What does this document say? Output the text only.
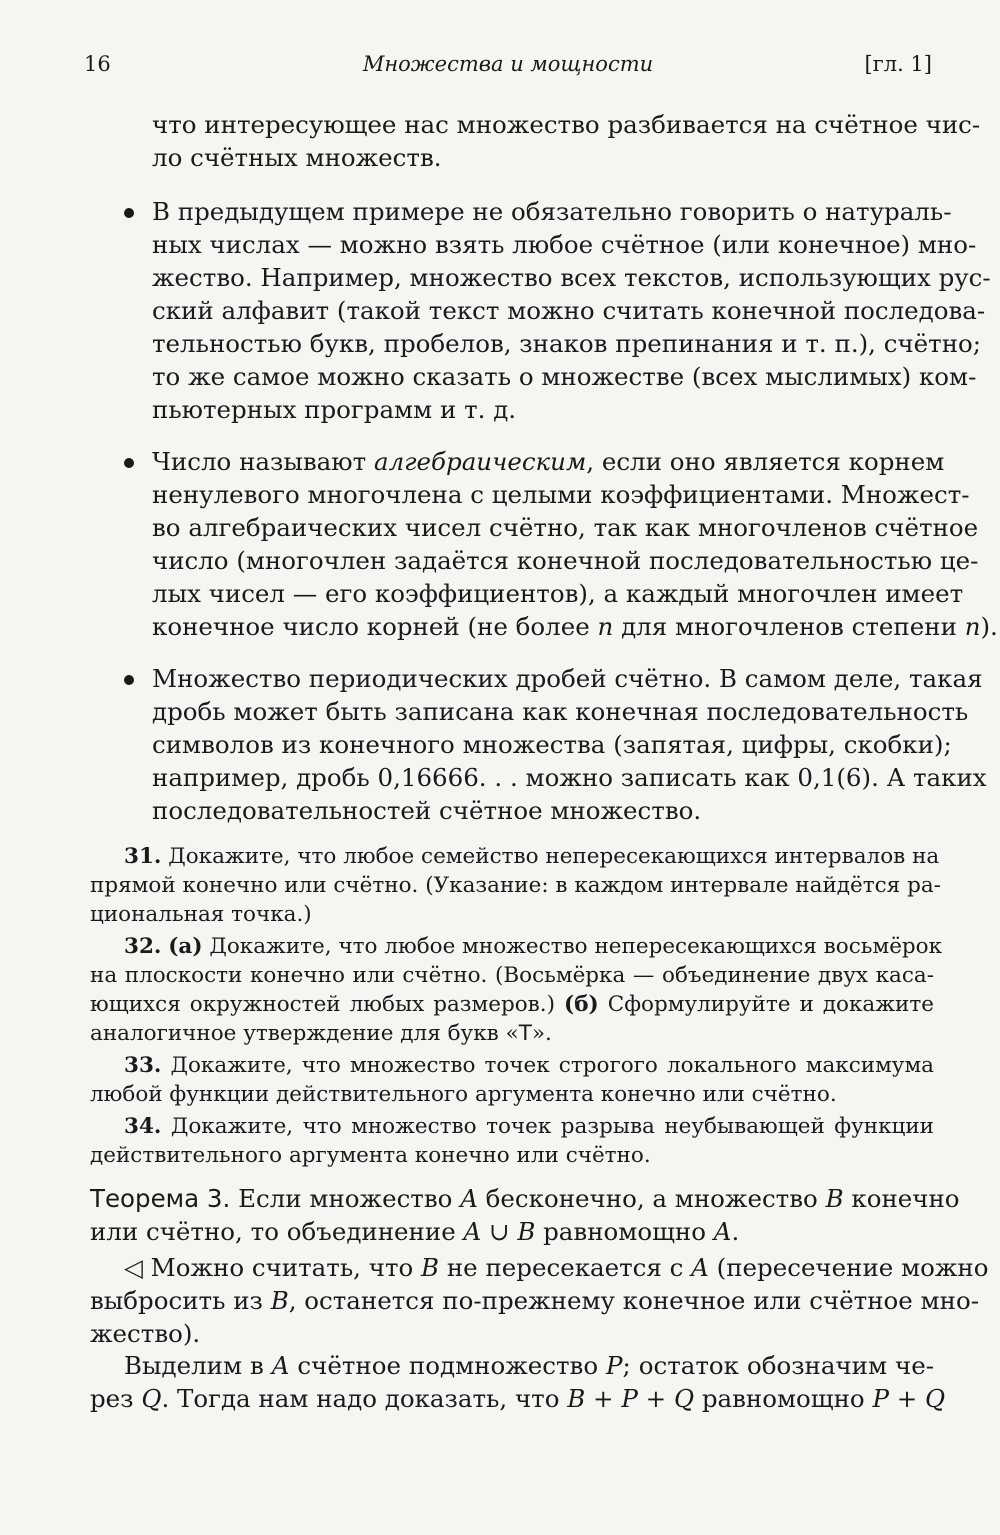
16	Множества и мощности	[гл. 1]
что интересующее нас множество разбивается на счётное чис-
ло счётных множеств.
В предыдущем примере не обязательно говорить о натураль-
ных числах — можно взять любое счётное (или конечное) мно-
жество. Например, множество всех текстов, использующих рус-
ский алфавит (такой текст можно считать конечной последова-
тельностью букв, пробелов, знаков препинания и т. п.), счётно;
то же самое можно сказать о множестве (всех мыслимых) ком-
пьютерных программ и т. д.
Число называют алгебраическим, если оно является корнем
ненулевого многочлена с целыми коэффициентами. Множест-
во алгебраических чисел счётно, так как многочленов счётное
число (многочлен задаётся конечной последовательностью це-
лых чисел — его коэффициентов), а каждый многочлен имеет
конечное число корней (не более n для многочленов степени n).
Множество периодических дробей счётно. В самом деле, такая
дробь может быть записана как конечная последовательность
символов из конечного множества (запятая, цифры, скобки);
например, дробь 0,16666. . . можно записать как 0,1(6). А таких
последовательностей счётное множество.
31. Докажите, что любое семейство непересекающихся интервалов на
прямой конечно или счётно. (Указание: в каждом интервале найдётся ра-
циональная точка.)
32. (а) Докажите, что любое множество непересекающихся восьмёрок
на плоскости конечно или счётно. (Восьмёрка — объединение двух каса-
ющихся окружностей любых размеров.) (б) Сформулируйте и докажите
аналогичное утверждение для букв «Т».
33. Докажите, что множество точек строгого локального максимума
любой функции действительного аргумента конечно или счётно.
34. Докажите, что множество точек разрыва неубывающей функции
действительного аргумента конечно или счётно.
Теорема 3. Если множество A бесконечно, а множество B конечно
или счётно, то объединение A ∪ B равномощно A.
◁ Можно считать, что B не пересекается с A (пересечение можно
выбросить из B, останется по-прежнему конечное или счётное мно-
жество).
Выделим в A счётное подмножество P; остаток обозначим че-
рез Q. Тогда нам надо доказать, что B + P + Q равномощно P + Q
